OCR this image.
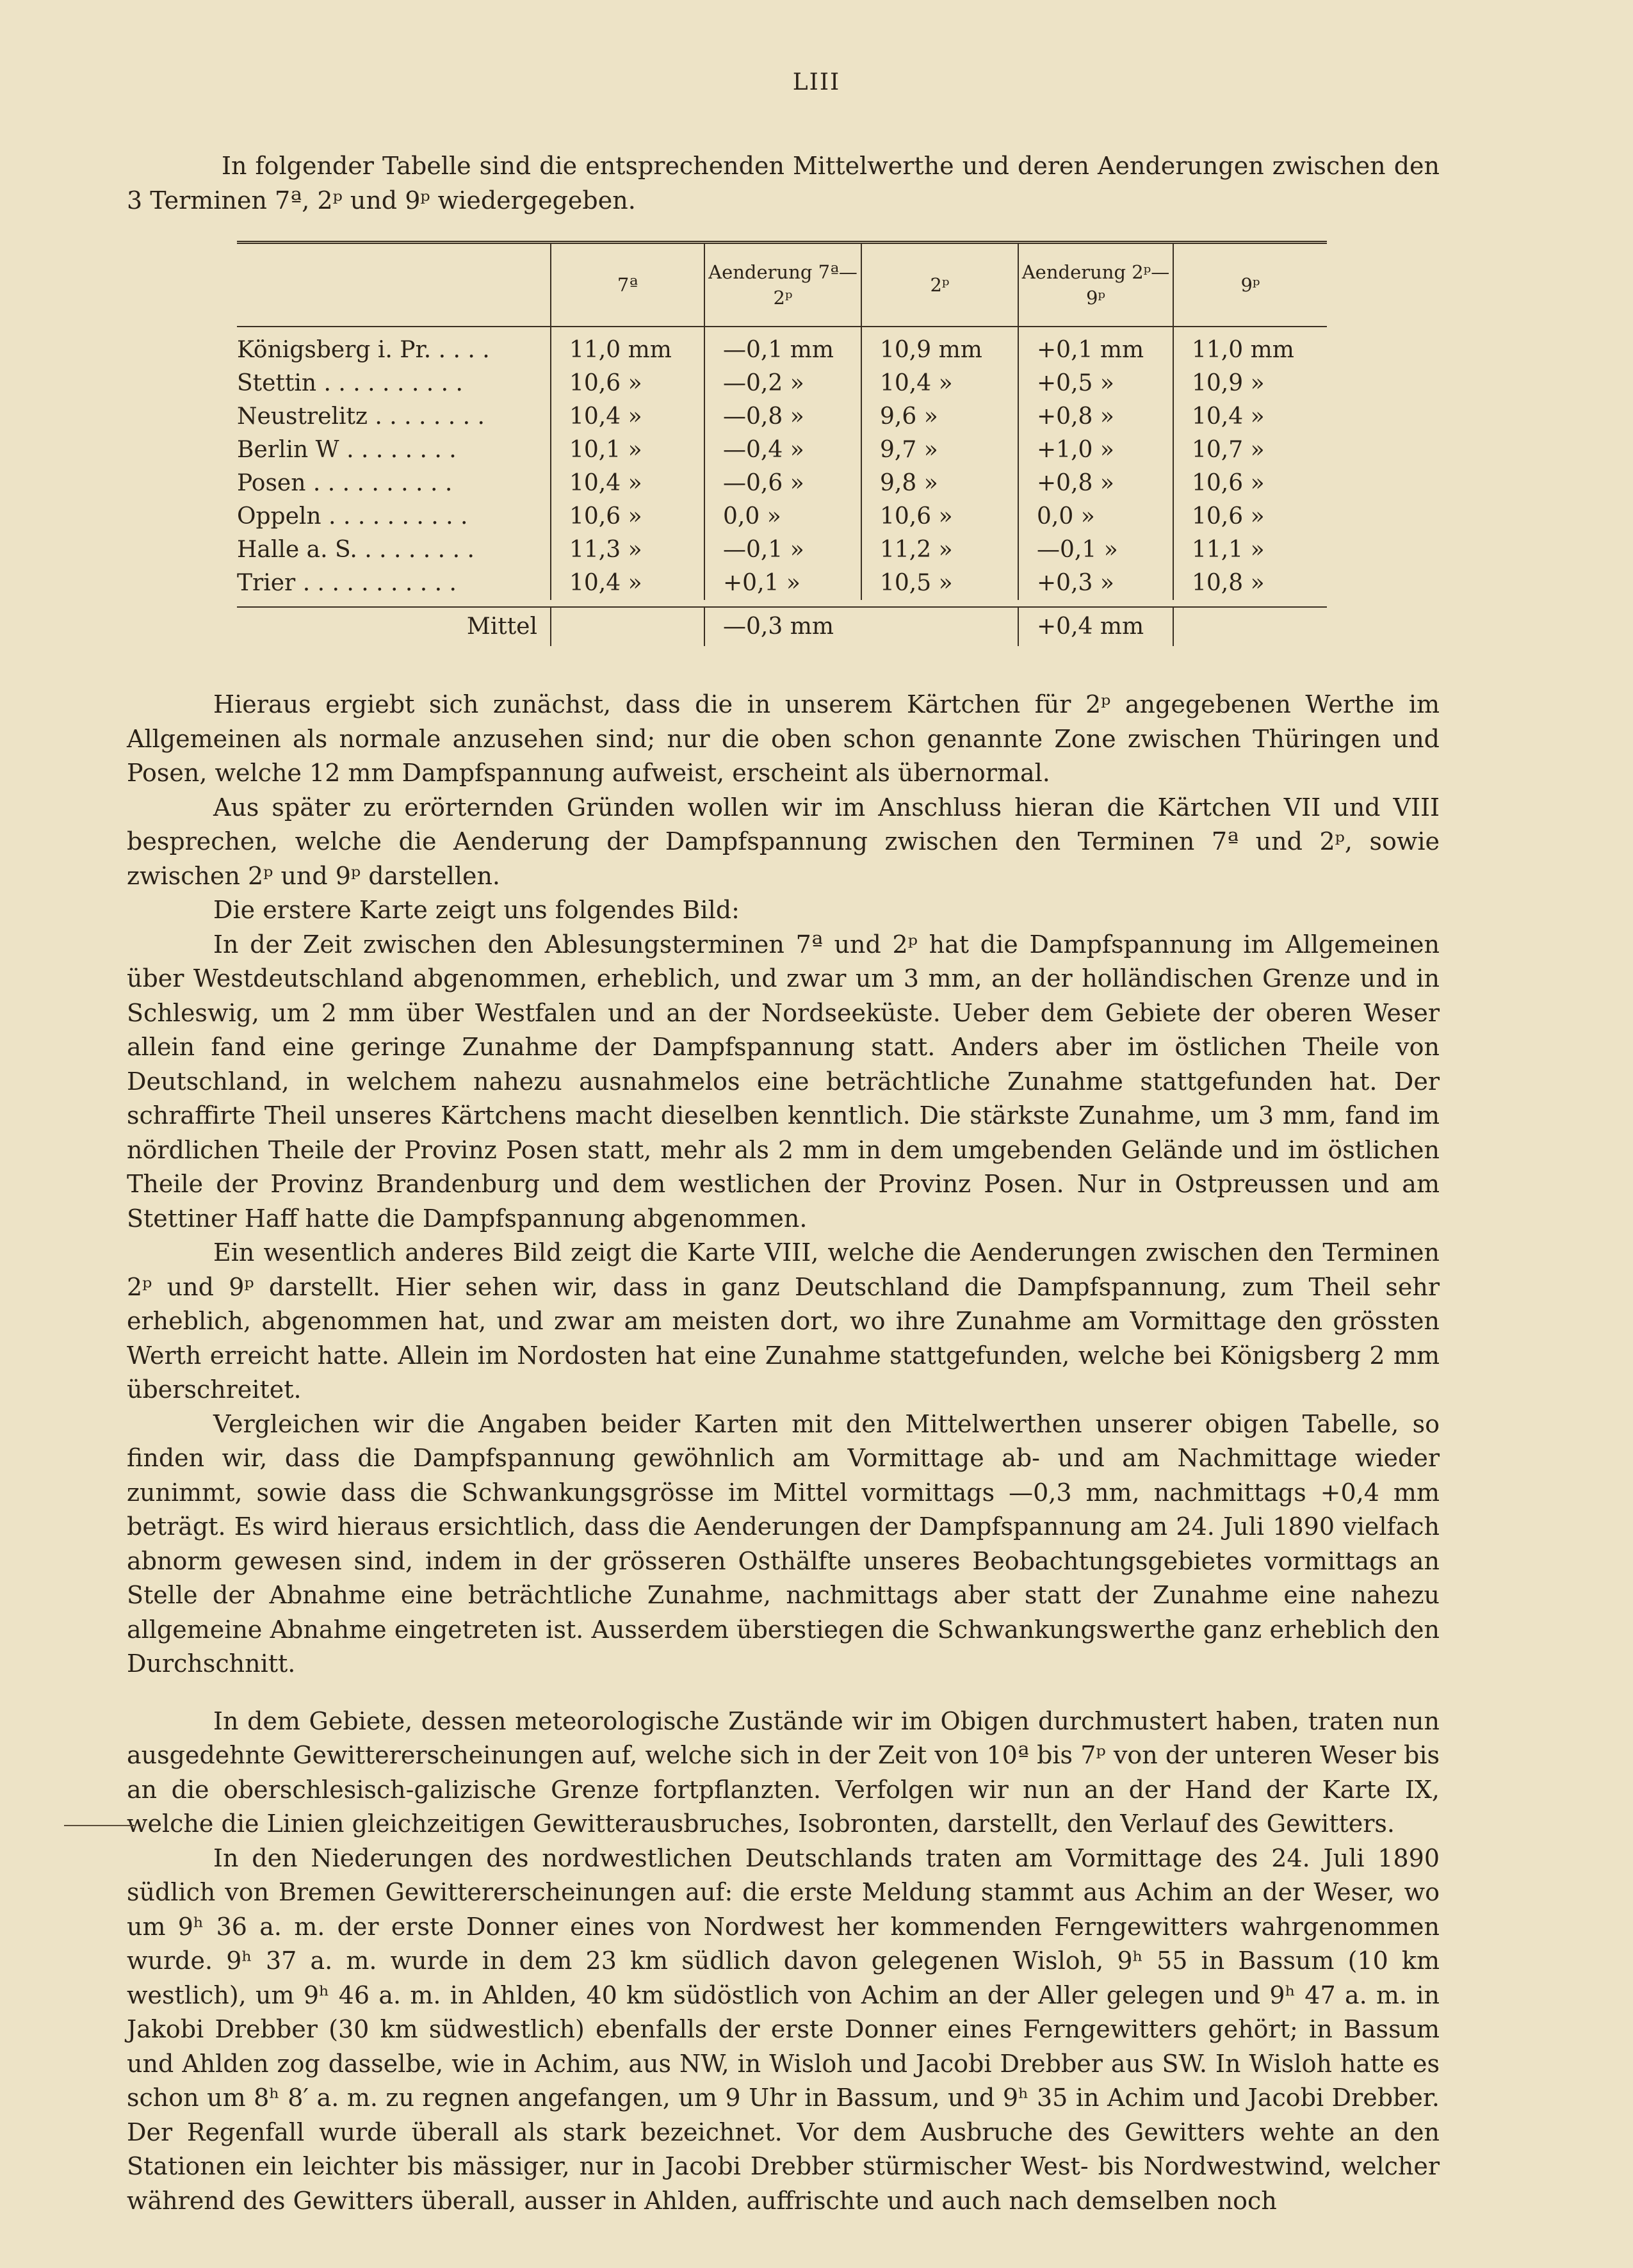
LIII

In folgender Tabelle sind die entsprechenden Mittelwerthe und deren Aenderungen zwischen den 3 Terminen 7ª, 2ᵖ und 9ᵖ wiedergegeben.

	7ª	Aenderung 7ª—2ᵖ	2ᵖ	Aenderung 2ᵖ—9ᵖ	9ᵖ

Königsberg i. Pr. . . . .	11,0 mm	—0,1 mm	10,9 mm	+0,1 mm	11,0 mm
Stettin . . . . . . . . . .	10,6 »	—0,2 »	10,4 »	+0,5 »	10,9 »
Neustrelitz . . . . . . . .	10,4 »	—0,8 »	9,6 »	+0,8 »	10,4 »
Berlin W . . . . . . . .	10,1 »	—0,4 »	9,7 »	+1,0 »	10,7 »
Posen . . . . . . . . . .	10,4 »	—0,6 »	9,8 »	+0,8 »	10,6 »
Oppeln . . . . . . . . . .	10,6 »	0,0 »	10,6 »	0,0 »	10,6 »
Halle a. S. . . . . . . . .	11,3 »	—0,1 »	11,2 »	—0,1 »	11,1 »
Trier . . . . . . . . . . .	10,4 »	+0,1 »	10,5 »	+0,3 »	10,8 »
Mittel		—0,3 mm		+0,4 mm	

Hieraus ergiebt sich zunächst, dass die in unserem Kärtchen für 2ᵖ angegebenen Werthe im Allgemeinen als normale anzusehen sind; nur die oben schon genannte Zone zwischen Thüringen und Posen, welche 12 mm Dampfspannung aufweist, erscheint als übernormal.

Aus später zu erörternden Gründen wollen wir im Anschluss hieran die Kärtchen VII und VIII besprechen, welche die Aenderung der Dampfspannung zwischen den Terminen 7ª und 2ᵖ, sowie zwischen 2ᵖ und 9ᵖ darstellen.

Die erstere Karte zeigt uns folgendes Bild:

In der Zeit zwischen den Ablesungsterminen 7ª und 2ᵖ hat die Dampfspannung im Allgemeinen über Westdeutschland abgenommen, erheblich, und zwar um 3 mm, an der holländischen Grenze und in Schleswig, um 2 mm über Westfalen und an der Nordseeküste. Ueber dem Gebiete der oberen Weser allein fand eine geringe Zunahme der Dampfspannung statt. Anders aber im östlichen Theile von Deutschland, in welchem nahezu ausnahmelos eine beträchtliche Zunahme stattgefunden hat. Der schraffirte Theil unseres Kärtchens macht dieselben kenntlich. Die stärkste Zunahme, um 3 mm, fand im nördlichen Theile der Provinz Posen statt, mehr als 2 mm in dem umgebenden Gelände und im östlichen Theile der Provinz Brandenburg und dem westlichen der Provinz Posen. Nur in Ostpreussen und am Stettiner Haff hatte die Dampfspannung abgenommen.

Ein wesentlich anderes Bild zeigt die Karte VIII, welche die Aenderungen zwischen den Terminen 2ᵖ und 9ᵖ darstellt. Hier sehen wir, dass in ganz Deutschland die Dampfspannung, zum Theil sehr erheblich, abgenommen hat, und zwar am meisten dort, wo ihre Zunahme am Vormittage den grössten Werth erreicht hatte. Allein im Nordosten hat eine Zunahme stattgefunden, welche bei Königsberg 2 mm überschreitet.

Vergleichen wir die Angaben beider Karten mit den Mittelwerthen unserer obigen Tabelle, so finden wir, dass die Dampfspannung gewöhnlich am Vormittage ab- und am Nachmittage wieder zunimmt, sowie dass die Schwankungsgrösse im Mittel vormittags —0,3 mm, nachmittags +0,4 mm beträgt. Es wird hieraus ersichtlich, dass die Aenderungen der Dampfspannung am 24. Juli 1890 vielfach abnorm gewesen sind, indem in der grösseren Osthälfte unseres Beobachtungsgebietes vormittags an Stelle der Abnahme eine beträchtliche Zunahme, nachmittags aber statt der Zunahme eine nahezu allgemeine Abnahme eingetreten ist. Ausserdem überstiegen die Schwankungswerthe ganz erheblich den Durchschnitt.

In dem Gebiete, dessen meteorologische Zustände wir im Obigen durchmustert haben, traten nun ausgedehnte Gewittererscheinungen auf, welche sich in der Zeit von 10ª bis 7ᵖ von der unteren Weser bis an die oberschlesisch-galizische Grenze fortpflanzten. Verfolgen wir nun an der Hand der Karte IX, welche die Linien gleichzeitigen Gewitterausbruches, Isobronten, darstellt, den Verlauf des Gewitters.

In den Niederungen des nordwestlichen Deutschlands traten am Vormittage des 24. Juli 1890 südlich von Bremen Gewittererscheinungen auf: die erste Meldung stammt aus Achim an der Weser, wo um 9ʰ 36 a. m. der erste Donner eines von Nordwest her kommenden Ferngewitters wahrgenommen wurde. 9ʰ 37 a. m. wurde in dem 23 km südlich davon gelegenen Wisloh, 9ʰ 55 in Bassum (10 km westlich), um 9ʰ 46 a. m. in Ahlden, 40 km südöstlich von Achim an der Aller gelegen und 9ʰ 47 a. m. in Jakobi Drebber (30 km südwestlich) ebenfalls der erste Donner eines Ferngewitters gehört; in Bassum und Ahlden zog dasselbe, wie in Achim, aus NW, in Wisloh und Jacobi Drebber aus SW. In Wisloh hatte es schon um 8ʰ 8′ a. m. zu regnen angefangen, um 9 Uhr in Bassum, und 9ʰ 35 in Achim und Jacobi Drebber. Der Regenfall wurde überall als stark bezeichnet. Vor dem Ausbruche des Gewitters wehte an den Stationen ein leichter bis mässiger, nur in Jacobi Drebber stürmischer West- bis Nordwestwind, welcher während des Gewitters überall, ausser in Ahlden, auffrischte und auch nach demselben noch
